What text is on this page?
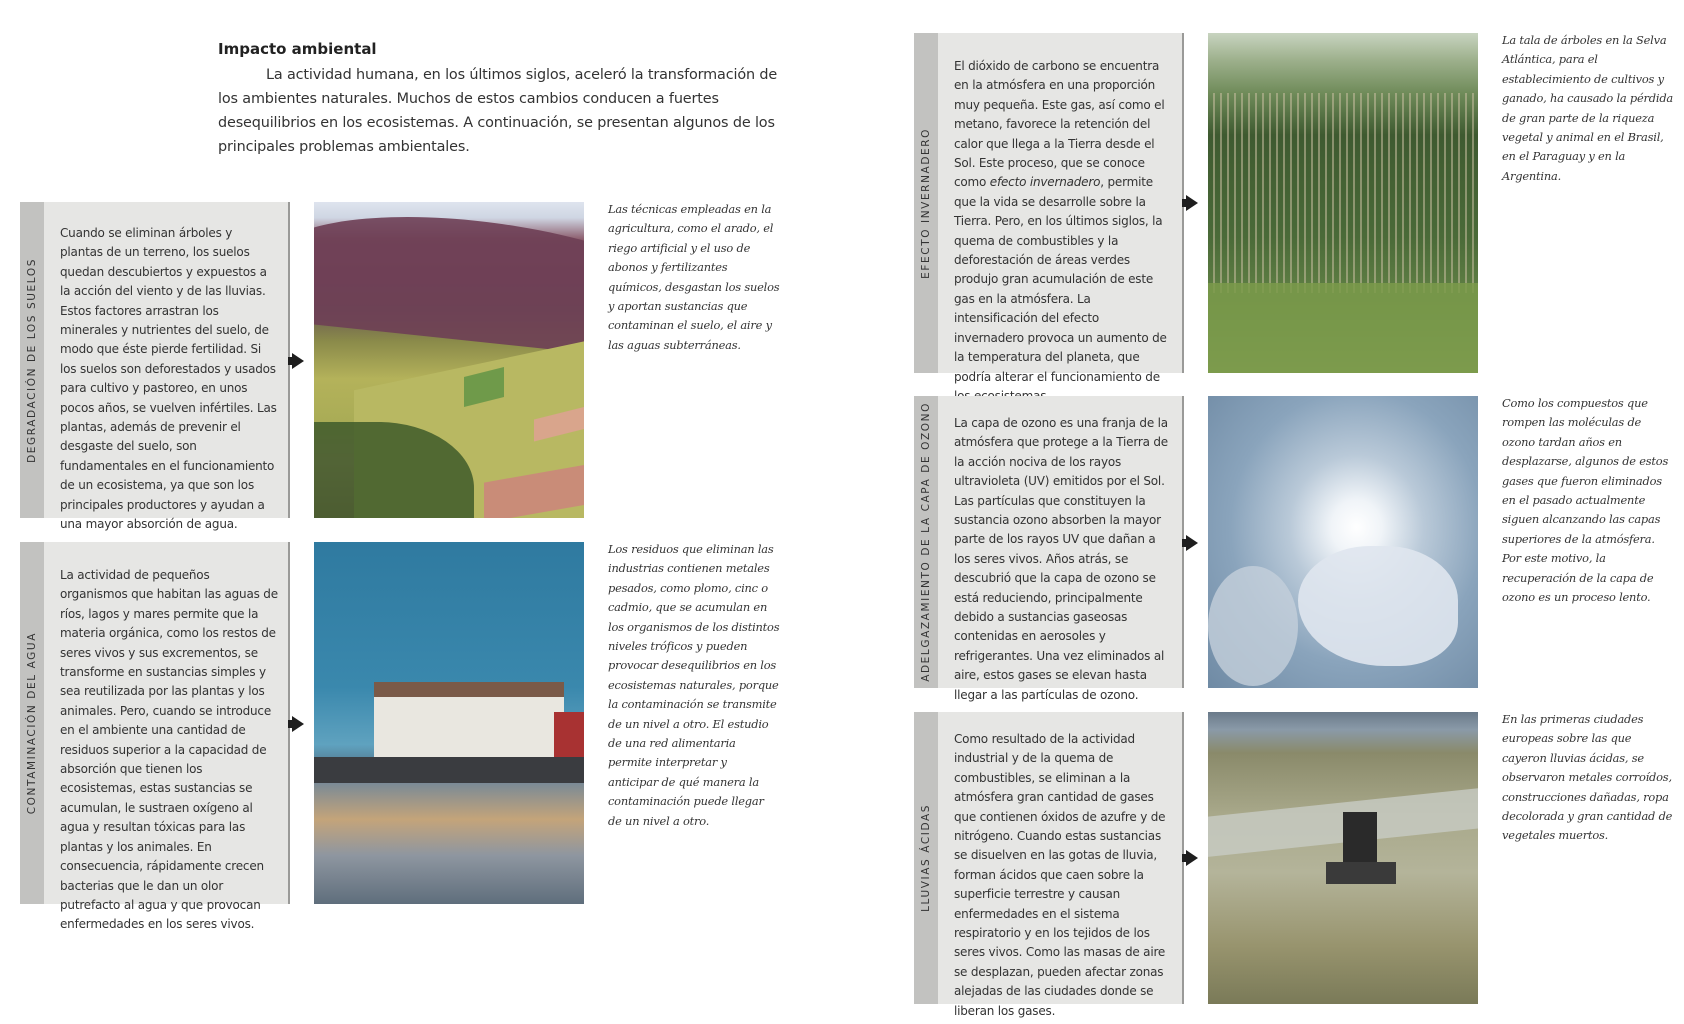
Impacto ambiental

La actividad humana, en los últimos siglos, aceleró la transformación de los ambientes naturales. Muchos de estos cambios conducen a fuertes desequilibrios en los ecosistemas. A continuación, se presentan algunos de los principales problemas ambientales.

DEGRADACIÓN DE LOS SUELOS
Cuando se eliminan árboles y plantas de un terreno, los suelos quedan descubiertos y expuestos a la acción del viento y de las lluvias. Estos factores arrastran los minerales y nutrientes del suelo, de modo que éste pierde fertilidad. Si los suelos son deforestados y usados para cultivo y pastoreo, en unos pocos años, se vuelven infértiles. Las plantas, además de prevenir el desgaste del suelo, son fundamentales en el funcionamiento de un ecosistema, ya que son los principales productores y ayudan a una mayor absorción de agua.
Las técnicas empleadas en la agricultura, como el arado, el riego artificial y el uso de abonos y fertilizantes químicos, desgastan los suelos y aportan sustancias que contaminan el suelo, el aire y las aguas subterráneas.
CONTAMINACIÓN DEL AGUA
La actividad de pequeños organismos que habitan las aguas de ríos, lagos y mares permite que la materia orgánica, como los restos de seres vivos y sus excrementos, se transforme en sustancias simples y sea reutilizada por las plantas y los animales. Pero, cuando se introduce en el ambiente una cantidad de residuos superior a la capacidad de absorción que tienen los ecosistemas, estas sustancias se acumulan, le sustraen oxígeno al agua y resultan tóxicas para las plantas y los animales. En consecuencia, rápidamente crecen bacterias que le dan un olor putrefacto al agua y que provocan enfermedades en los seres vivos.
Los residuos que eliminan las industrias contienen metales pesados, como plomo, cinc o cadmio, que se acumulan en los organismos de los distintos niveles tróficos y pueden provocar desequilibrios en los ecosistemas naturales, porque la contaminación se transmite de un nivel a otro. El estudio de una red alimentaria permite interpretar y anticipar de qué manera la contaminación puede llegar de un nivel a otro.
EFECTO INVERNADERO
El dióxido de carbono se encuentra en la atmósfera en una proporción muy pequeña. Este gas, así como el metano, favorece la retención del calor que llega a la Tierra desde el Sol. Este proceso, que se conoce como efecto invernadero, permite que la vida se desarrolle sobre la Tierra. Pero, en los últimos siglos, la quema de combustibles y la deforestación de áreas verdes produjo gran acumulación de este gas en la atmósfera. La intensificación del efecto invernadero provoca un aumento de la temperatura del planeta, que podría alterar el funcionamiento de
La tala de árboles en la Selva Atlántica, para el establecimiento de cultivos y ganado, ha causado la pérdida de gran parte de la riqueza vegetal y animal en el Brasil, en el Paraguay y en la Argentina.
ADELGAZAMIENTO DE LA CAPA DE OZONO La capa de ozono es una franja de la atmósfera que protege a la Tierra de la acción nociva de los rayos ultravioleta (UV) emitidos por el Sol. Las partículas que constituyen la sustancia ozono absorben la mayor parte de los rayos UV que dañan a los seres vivos. Años atrás, se descubrió que la capa de ozono se está reduciendo, principalmente debido a sustancias gaseosas contenidas en aerosoles y refrigerantes. Una vez eliminados al aire, estos gases se elevan hasta llegar a las partículas de ozono.
Como los compuestos que rompen las moléculas de ozono tardan años en desplazarse, algunos de estos gases que fueron eliminados en el pasado actualmente siguen alcanzando las capas superiores de la atmósfera. Por este motivo, la recuperación de la capa de ozono es un proceso lento.
LLUVIAS ÁCIDAS
Como resultado de la actividad industrial y de la quema de combustibles, se eliminan a la atmósfera gran cantidad de gases que contienen óxidos de azufre y de nitrógeno. Cuando estas sustancias se disuelven en las gotas de lluvia, forman ácidos que caen sobre la superficie terrestre y causan enfermedades en el sistema respiratorio y en los tejidos de los seres vivos. Como las masas de aire se desplazan, pueden afectar zonas alejadas de las ciudades donde se liberan los gases.
En las primeras ciudades europeas sobre las que cayeron lluvias ácidas, se observaron metales corroídos, construcciones dañadas, ropa decolorada y gran cantidad de vegetales muertos.
